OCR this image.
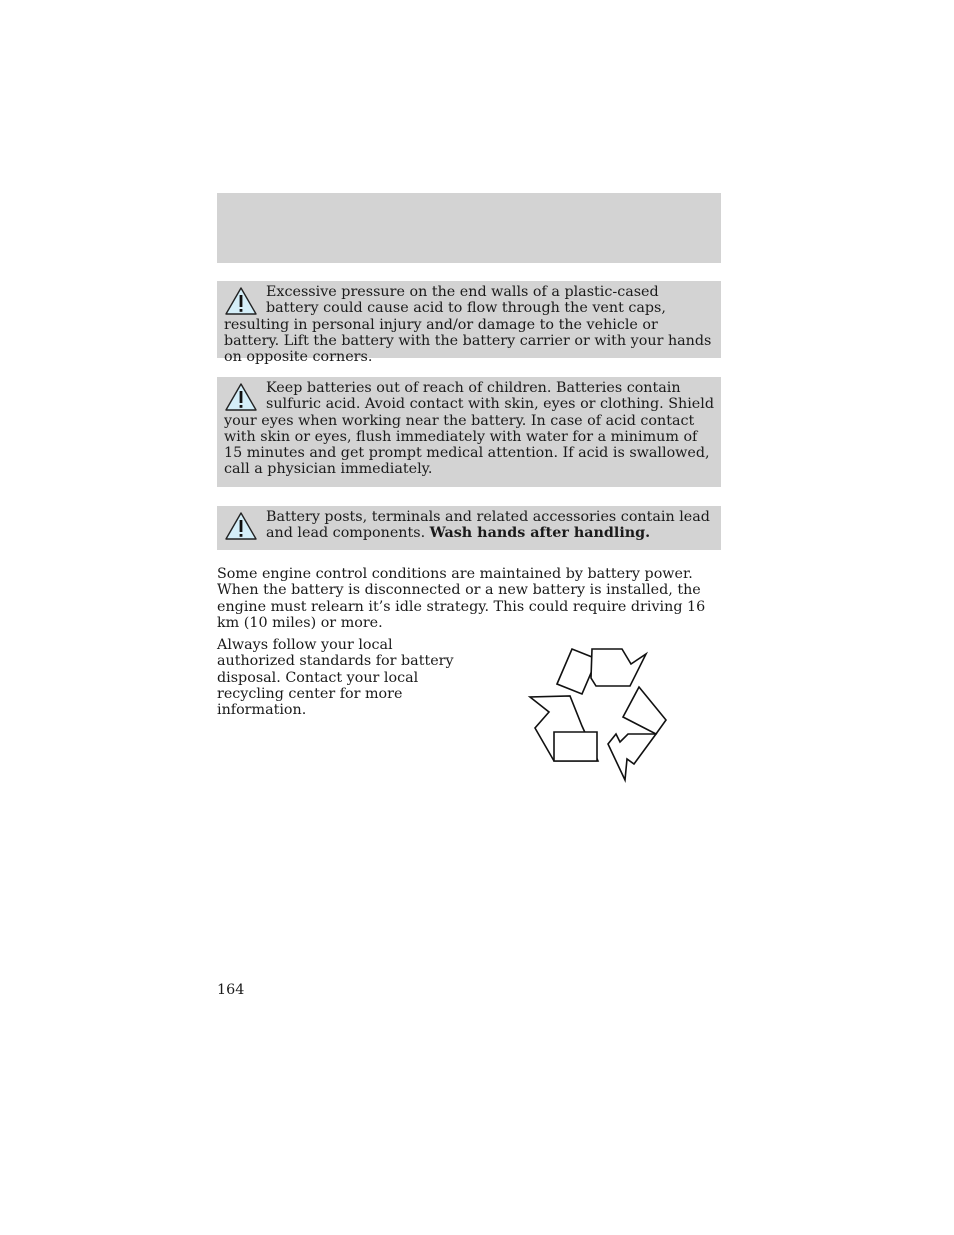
Excessive pressure on the end walls of a plastic-cased battery could cause acid to flow through the vent caps, resulting in personal injury and/or damage to the vehicle or battery. Lift the battery with the battery carrier or with your hands on opposite corners.

Keep batteries out of reach of children. Batteries contain sulfuric acid. Avoid contact with skin, eyes or clothing. Shield your eyes when working near the battery. In case of acid contact with skin or eyes, flush immediately with water for a minimum of 15 minutes and get prompt medical attention. If acid is swallowed, call a physician immediately.

Battery posts, terminals and related accessories contain lead and lead components. Wash hands after handling.

Some engine control conditions are maintained by battery power. When the battery is disconnected or a new battery is installed, the engine must relearn it’s idle strategy. This could require driving 16 km (10 miles) or more.

Always follow your local authorized standards for battery disposal. Contact your local recycling center for more information.

164
